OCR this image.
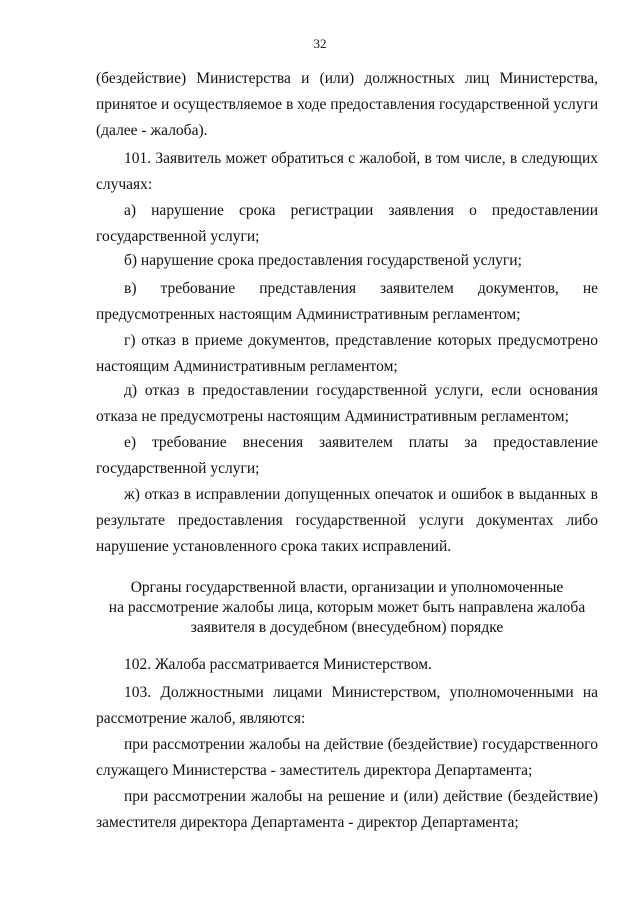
32
(бездействие) Министерства и (или) должностных лиц Министерства,
принятое и осуществляемое в ходе предоставления государственной услуги
(далее - жалоба).
101. Заявитель может обратиться с жалобой, в том числе, в следующих
случаях:
а) нарушение срока регистрации заявления о предоставлении
государственной услуги;
б) нарушение срока предоставления государственой услуги;
в) требование представления заявителем документов, не
предусмотренных настоящим Административным регламентом;
г) отказ в приеме документов, представление которых предусмотрено
настоящим Административным регламентом;
д) отказ в предоставлении государственной услуги, если основания
отказа не предусмотрены настоящим Административным регламентом;
е) требование внесения заявителем платы за предоставление
государственной услуги;
ж) отказ в исправлении допущенных опечаток и ошибок в выданных в
результате предоставления государственной услуги документах либо
нарушение установленного срока таких исправлений.
Органы государственной власти, организации и уполномоченные
на рассмотрение жалобы лица, которым может быть направлена жалоба
заявителя в досудебном (внесудебном) порядке
102. Жалоба рассматривается Министерством.
103. Должностными лицами Министерством, уполномоченными на
рассмотрение жалоб, являются:
при рассмотрении жалобы на действие (бездействие) государственного
служащего Министерства - заместитель директора Департамента;
при рассмотрении жалобы на решение и (или) действие (бездействие)
заместителя директора Департамента - директор Департамента;
